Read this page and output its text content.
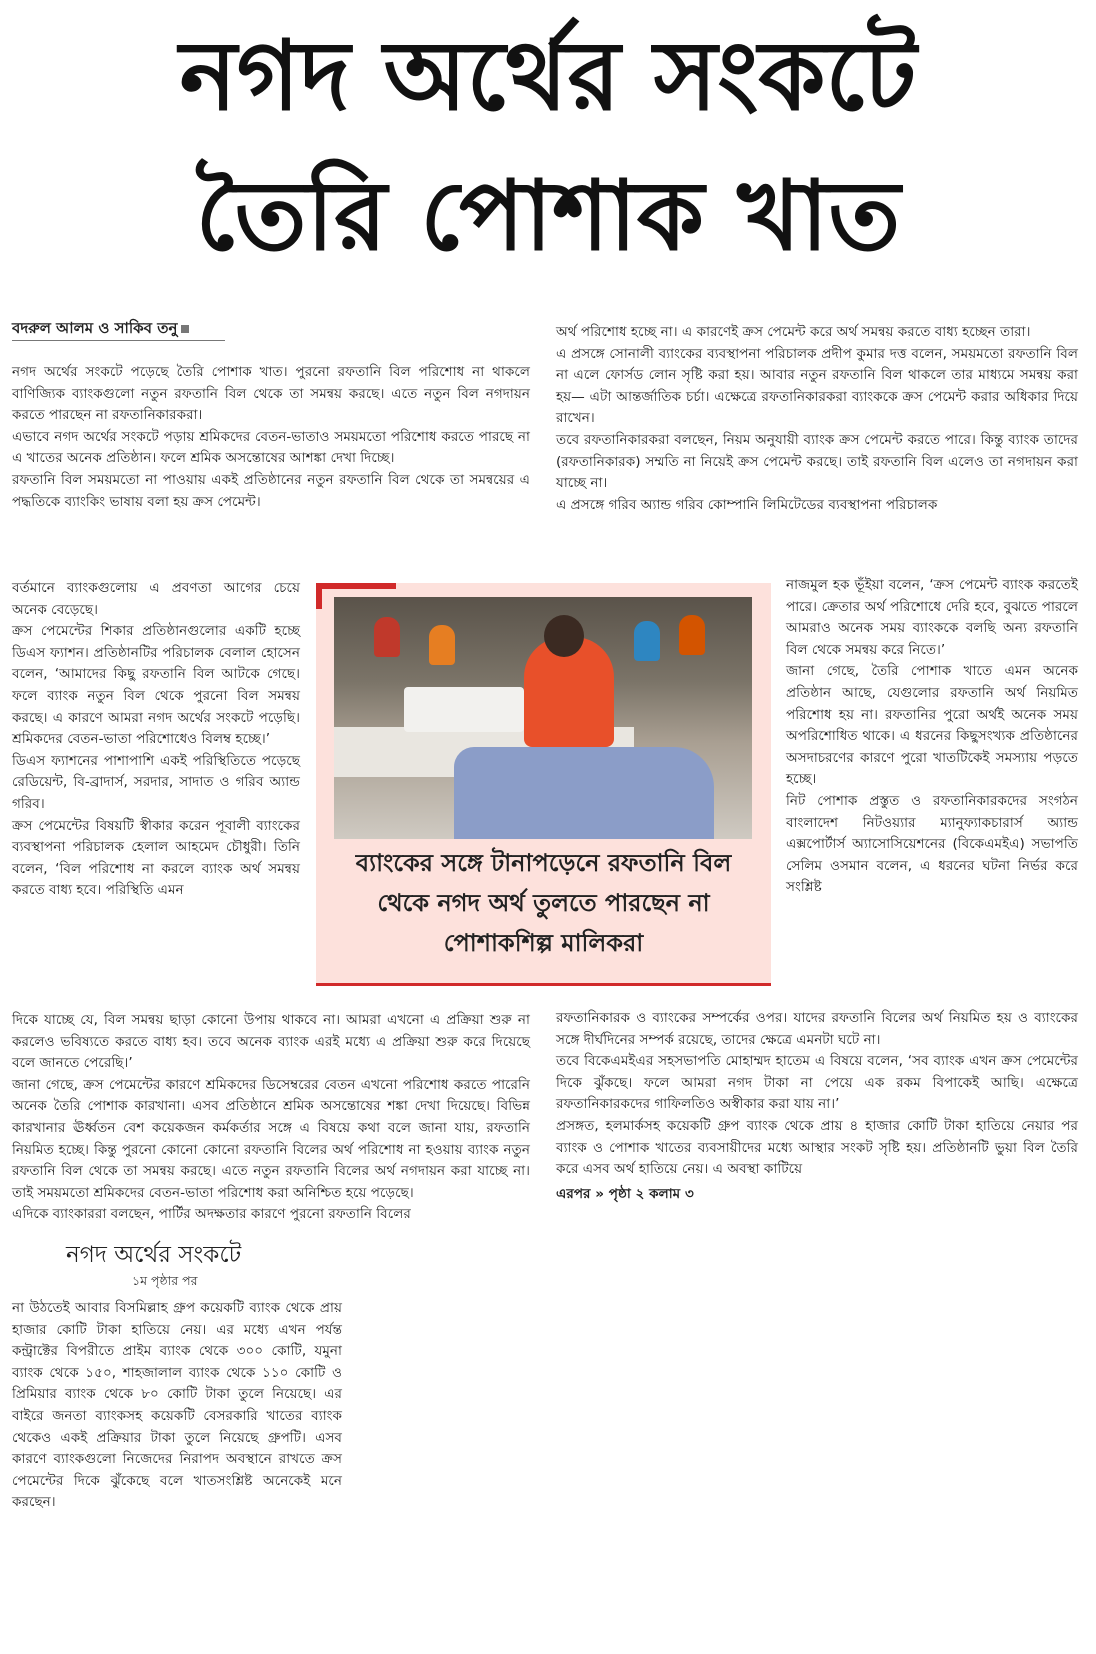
নগদ অর্থের সংকটে
তৈরি পোশাক খাত
বদরুল আলম ও সাকিব তনু

নগদ অর্থের সংকটে পড়েছে তৈরি পোশাক খাত। পুরনো রফতানি বিল পরিশোধ না থাকলে বাণিজ্যিক ব্যাংকগুলো নতুন রফতানি বিল থেকে তা সমন্বয় করছে। এতে নতুন বিল নগদায়ন করতে পারছেন না রফতানিকারকরা।

এভাবে নগদ অর্থের সংকটে পড়ায় শ্রমিকদের বেতন-ভাতাও সময়মতো পরিশোধ করতে পারছে না এ খাতের অনেক প্রতিষ্ঠান। ফলে শ্রমিক অসন্তোষের আশঙ্কা দেখা দিচ্ছে।

রফতানি বিল সময়মতো না পাওয়ায় একই প্রতিষ্ঠানের নতুন রফতানি বিল থেকে তা সমন্বয়ের এ পদ্ধতিকে ব্যাংকিং ভাষায় বলা হয় ক্রস পেমেন্ট।

বর্তমানে ব্যাংকগুলোয় এ প্রবণতা আগের চেয়ে অনেক বেড়েছে।

ক্রস পেমেন্টের শিকার প্রতিষ্ঠানগুলোর একটি হচ্ছে ডিএস ফ্যাশন। প্রতিষ্ঠানটির পরিচালক বেলাল হোসেন বলেন, ‘আমাদের কিছু রফতানি বিল আটকে গেছে। ফলে ব্যাংক নতুন বিল থেকে পুরনো বিল সমন্বয় করছে। এ কারণে আমরা নগদ অর্থের সংকটে পড়েছি। শ্রমিকদের বেতন-ভাতা পরিশোধেও বিলম্ব হচ্ছে।’

ডিএস ফ্যাশনের পাশাপাশি একই পরিস্থিতিতে পড়েছে রেডিয়েন্ট, বি-ব্রাদার্স, সরদার, সাদাত ও গরিব অ্যান্ড গরিব।

ক্রস পেমেন্টের বিষয়টি স্বীকার করেন পূবালী ব্যাংকের ব্যবস্থাপনা পরিচালক হেলাল আহমেদ চৌধুরী। তিনি বলেন, ‘বিল পরিশোধ না করলে ব্যাংক অর্থ সমন্বয় করতে বাধ্য হবে। পরিস্থিতি এমন

দিকে যাচ্ছে যে, বিল সমন্বয় ছাড়া কোনো উপায় থাকবে না। আমরা এখনো এ প্রক্রিয়া শুরু না করলেও ভবিষ্যতে করতে বাধ্য হব। তবে অনেক ব্যাংক এরই মধ্যে এ প্রক্রিয়া শুরু করে দিয়েছে বলে জানতে পেরেছি।’

জানা গেছে, ক্রস পেমেন্টের কারণে শ্রমিকদের ডিসেম্বরের বেতন এখনো পরিশোধ করতে পারেনি অনেক তৈরি পোশাক কারখানা। এসব প্রতিষ্ঠানে শ্রমিক অসন্তোষের শঙ্কা দেখা দিয়েছে। বিভিন্ন কারখানার ঊর্ধ্বতন বেশ কয়েকজন কর্মকর্তার সঙ্গে এ বিষয়ে কথা বলে জানা যায়, রফতানি নিয়মিত হচ্ছে। কিন্তু পুরনো কোনো কোনো রফতানি বিলের অর্থ পরিশোধ না হওয়ায় ব্যাংক নতুন রফতানি বিল থেকে তা সমন্বয় করছে। এতে নতুন রফতানি বিলের অর্থ নগদায়ন করা যাচ্ছে না। তাই সময়মতো শ্রমিকদের বেতন-ভাতা পরিশোধ করা অনিশ্চিত হয়ে পড়েছে।

এদিকে ব্যাংকাররা বলছেন, পার্টির অদক্ষতার কারণে পুরনো রফতানি বিলের

অর্থ পরিশোধ হচ্ছে না। এ কারণেই ক্রস পেমেন্ট করে অর্থ সমন্বয় করতে বাধ্য হচ্ছেন তারা।

এ প্রসঙ্গে সোনালী ব্যাংকের ব্যবস্থাপনা পরিচালক প্রদীপ কুমার দত্ত বলেন, সময়মতো রফতানি বিল না এলে ফোর্সড লোন সৃষ্টি করা হয়। আবার নতুন রফতানি বিল থাকলে তার মাধ্যমে সমন্বয় করা হয়— এটা আন্তর্জাতিক চর্চা। এক্ষেত্রে রফতানিকারকরা ব্যাংককে ক্রস পেমেন্ট করার অধিকার দিয়ে রাখেন।

তবে রফতানিকারকরা বলছেন, নিয়ম অনুযায়ী ব্যাংক ক্রস পেমেন্ট করতে পারে। কিন্তু ব্যাংক তাদের (রফতানিকারক) সম্মতি না নিয়েই ক্রস পেমেন্ট করছে। তাই রফতানি বিল এলেও তা নগদায়ন করা যাচ্ছে না।

এ প্রসঙ্গে গরিব অ্যান্ড গরিব কোম্পানি লিমিটেডের ব্যবস্থাপনা পরিচালক

নাজমুল হক ভূঁইয়া বলেন, ‘ক্রস পেমেন্ট ব্যাংক করতেই পারে। ক্রেতার অর্থ পরিশোধে দেরি হবে, বুঝতে পারলে আমরাও অনেক সময় ব্যাংককে বলছি অন্য রফতানি বিল থেকে সমন্বয় করে নিতে।’

জানা গেছে, তৈরি পোশাক খাতে এমন অনেক প্রতিষ্ঠান আছে, যেগুলোর রফতানি অর্থ নিয়মিত পরিশোধ হয় না। রফতানির পুরো অর্থই অনেক সময় অপরিশোধিত থাকে। এ ধরনের কিছুসংখ্যক প্রতিষ্ঠানের অসদাচরণের কারণে পুরো খাতটিকেই সমস্যায় পড়তে হচ্ছে।

নিট পোশাক প্রস্তুত ও রফতানিকারকদের সংগঠন বাংলাদেশ নিটওয়্যার ম্যানুফ্যাকচারার্স অ্যান্ড এক্সপোর্টার্স অ্যাসোসিয়েশনের (বিকেএমইএ) সভাপতি সেলিম ওসমান বলেন, এ ধরনের ঘটনা নির্ভর করে সংশ্লিষ্ট

রফতানিকারক ও ব্যাংকের সম্পর্কের ওপর। যাদের রফতানি বিলের অর্থ নিয়মিত হয় ও ব্যাংকের সঙ্গে দীর্ঘদিনের সম্পর্ক রয়েছে, তাদের ক্ষেত্রে এমনটা ঘটে না।

তবে বিকেএমইএর সহসভাপতি মোহাম্মদ হাতেম এ বিষয়ে বলেন, ‘সব ব্যাংক এখন ক্রস পেমেন্টের দিকে ঝুঁকছে। ফলে আমরা নগদ টাকা না পেয়ে এক রকম বিপাকেই আছি। এক্ষেত্রে রফতানিকারকদের গাফিলতিও অস্বীকার করা যায় না।’

প্রসঙ্গত, হলমার্কসহ কয়েকটি গ্রুপ ব্যাংক থেকে প্রায় ৪ হাজার কোটি টাকা হাতিয়ে নেয়ার পর ব্যাংক ও পোশাক খাতের ব্যবসায়ীদের মধ্যে আস্থার সংকট সৃষ্টি হয়। প্রতিষ্ঠানটি ভুয়া বিল তৈরি করে এসব অর্থ হাতিয়ে নেয়। এ অবস্থা কাটিয়ে

এরপর » পৃষ্ঠা ২ কলাম ৩

ব্যাংকের সঙ্গে টানাপড়েনে রফতানি বিল থেকে নগদ অর্থ তুলতে পারছেন না পোশাকশিল্প মালিকরা
নগদ অর্থের সংকটে
১ম পৃষ্ঠার পর

না উঠতেই আবার বিসমিল্লাহ গ্রুপ কয়েকটি ব্যাংক থেকে প্রায় হাজার কোটি টাকা হাতিয়ে নেয়। এর মধ্যে এখন পর্যন্ত কন্ট্রাক্টের বিপরীতে প্রাইম ব্যাংক থেকে ৩০০ কোটি, যমুনা ব্যাংক থেকে ১৫০, শাহজালাল ব্যাংক থেকে ১১০ কোটি ও প্রিমিয়ার ব্যাংক থেকে ৮০ কোটি টাকা তুলে নিয়েছে। এর বাইরে জনতা ব্যাংকসহ কয়েকটি বেসরকারি খাতের ব্যাংক থেকেও একই প্রক্রিয়ার টাকা তুলে নিয়েছে গ্রুপটি। এসব কারণে ব্যাংকগুলো নিজেদের নিরাপদ অবস্থানে রাখতে ক্রস পেমেন্টের দিকে ঝুঁকেছে বলে খাতসংশ্লিষ্ট অনেকেই মনে করছেন।
